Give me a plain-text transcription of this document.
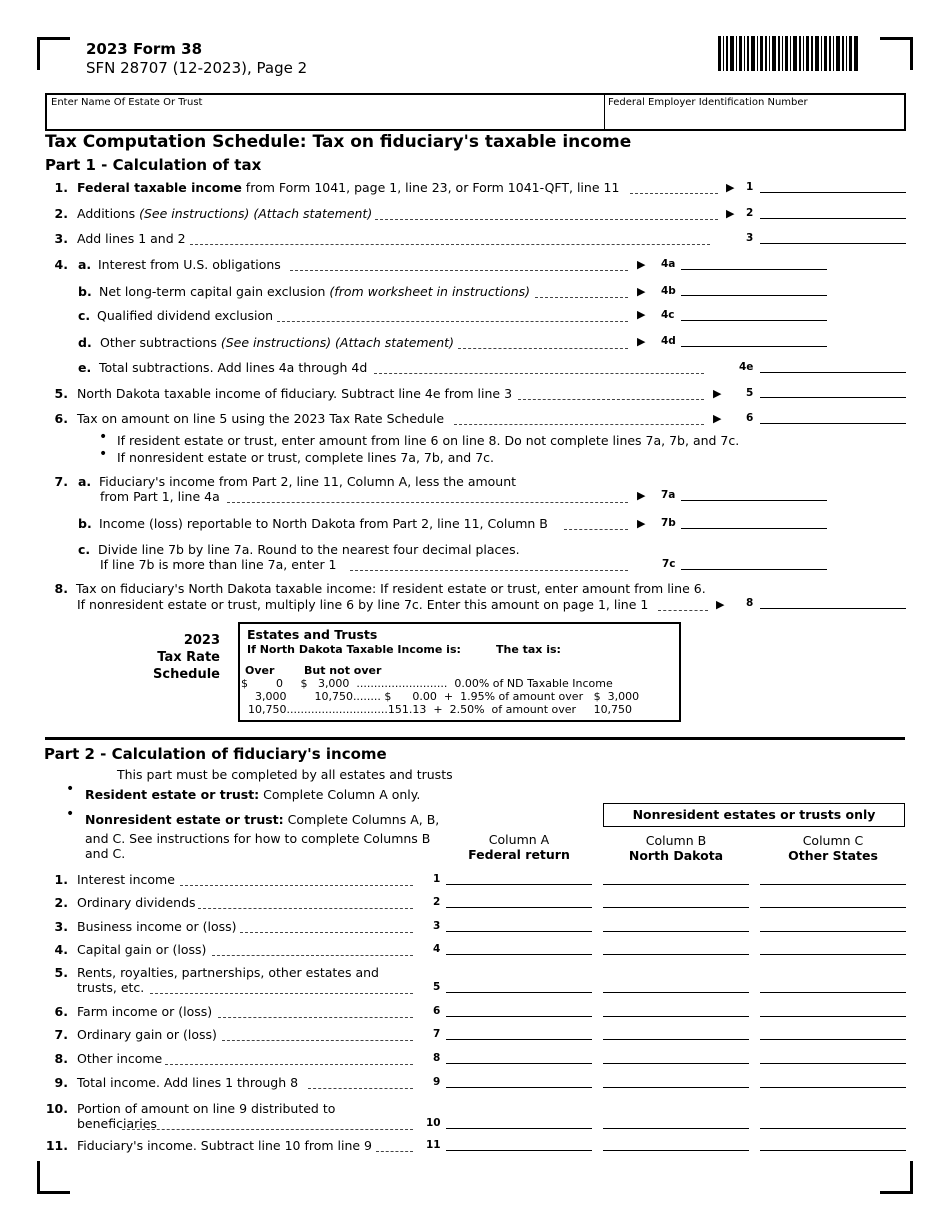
2023 Form 38
SFN 28707 (12-2023), Page 2
Enter Name Of Estate Or Trust	Federal Employer Identification Number
Tax Computation Schedule: Tax on fiduciary's taxable income
Part 1 - Calculation of tax
1. Federal taxable income from Form 1041, page 1, line 23, or Form 1041-QFT, line 11	▶ 1
2. Additions (See instructions) (Attach statement)	▶ 2
3. Add lines 1 and 2	3
4. a. Interest from U.S. obligations	▶ 4a
b. Net long-term capital gain exclusion (from worksheet in instructions)	▶ 4b
c. Qualified dividend exclusion	▶ 4c
d. Other subtractions (See instructions) (Attach statement)	▶ 4d
e. Total subtractions. Add lines 4a through 4d	4e
5. North Dakota taxable income of fiduciary. Subtract line 4e from line 3	▶ 5
6. Tax on amount on line 5 using the 2023 Tax Rate Schedule	▶ 6
• If resident estate or trust, enter amount from line 6 on line 8. Do not complete lines 7a, 7b, and 7c.
• If nonresident estate or trust, complete lines 7a, 7b, and 7c.
7. a. Fiduciary's income from Part 2, line 11, Column A, less the amount
from Part 1, line 4a	▶ 7a
b. Income (loss) reportable to North Dakota from Part 2, line 11, Column B	▶ 7b
c. Divide line 7b by line 7a. Round to the nearest four decimal places.
If line 7b is more than line 7a, enter 1	7c
8. Tax on fiduciary's North Dakota taxable income: If resident estate or trust, enter amount from line 6.
If nonresident estate or trust, multiply line 6 by line 7c. Enter this amount on page 1, line 1	▶ 8
2023
Tax Rate
Schedule
Estates and Trusts
If North Dakota Taxable Income is:	The tax is:
Over	But not over
$        0     $   3,000  ..........................  0.00% of ND Taxable Income
3,000        10,750........ $      0.00  +  1.95% of amount over   $  3,000
10,750.............................151.13  +  2.50%  of amount over     10,750
Part 2 - Calculation of fiduciary's income
This part must be completed by all estates and trusts
• Resident estate or trust: Complete Column A only.
• Nonresident estate or trust: Complete Columns A, B,
and C. See instructions for how to complete Columns B
and C.
Nonresident estates or trusts only
Column A
Federal return
Column B
North Dakota
Column C
Other States
1. Interest income	1
2. Ordinary dividends	2
3. Business income or (loss)	3
4. Capital gain or (loss)	4
5. Rents, royalties, partnerships, other estates and
trusts, etc.	5
6. Farm income or (loss)	6
7. Ordinary gain or (loss)	7
8. Other income	8
9. Total income. Add lines 1 through 8	9
10. Portion of amount on line 9 distributed to
beneficiaries	10
11. Fiduciary's income. Subtract line 10 from line 9	11
